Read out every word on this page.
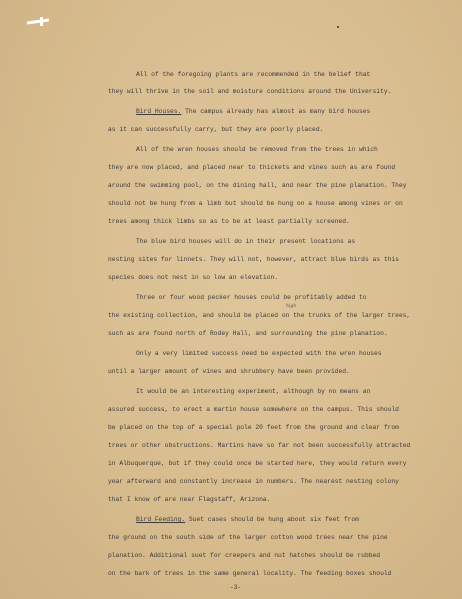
All of the foregoing plants are recommended in the belief that
they will thrive in the soil and moisture conditions around the University.
Bird Houses. The campus already has almost as many bird houses
as it can successfully carry, but they are poorly placed.
All of the wren houses should be removed from the trees in which
they are now placed, and placed near to thickets and vines such as are found
around the swimming pool, on the dining hall, and near the pine planation. They
should not be hung from a limb but should be hung on a house among vines or on
trees among thick limbs so as to be at least partially screened.
The blue bird houses will do in their present locations as
nesting sites for linnets. They will not, however, attract blue birds as this
species does not nest in so low an elevation.
Three or four wood pecker houses could be profitably added to
high
the existing collection, and should be placed on the trunks of the larger trees,
such as are found north of Rodey Hall, and surrounding the pine planation.
Only a very limited success need be expected with the wren houses
until a larger amount of vines and shrubbery have been provided.
It would be an interesting experiment, although by no means an
assured success, to erect a martin house somewhere on the campus. This should
be placed on the top of a special pole 20 feet from the ground and clear from
trees or other obstructions. Martins have so far not been successfully attracted
in Albuquerque, but if they could once be started here, they would return every
year afterward and constantly increase in numbers. The nearest nesting colony
that I know of are near Flagstaff, Arizona.
Bird Feeding. Suet cases should be hung about six feet from
the ground on the south side of the larger cotton wood trees near the pine
planation. Additional suet for creepers and nut hatches should be rubbed
on the bark of trees in the same general locality. The feeding boxes should
-3-
